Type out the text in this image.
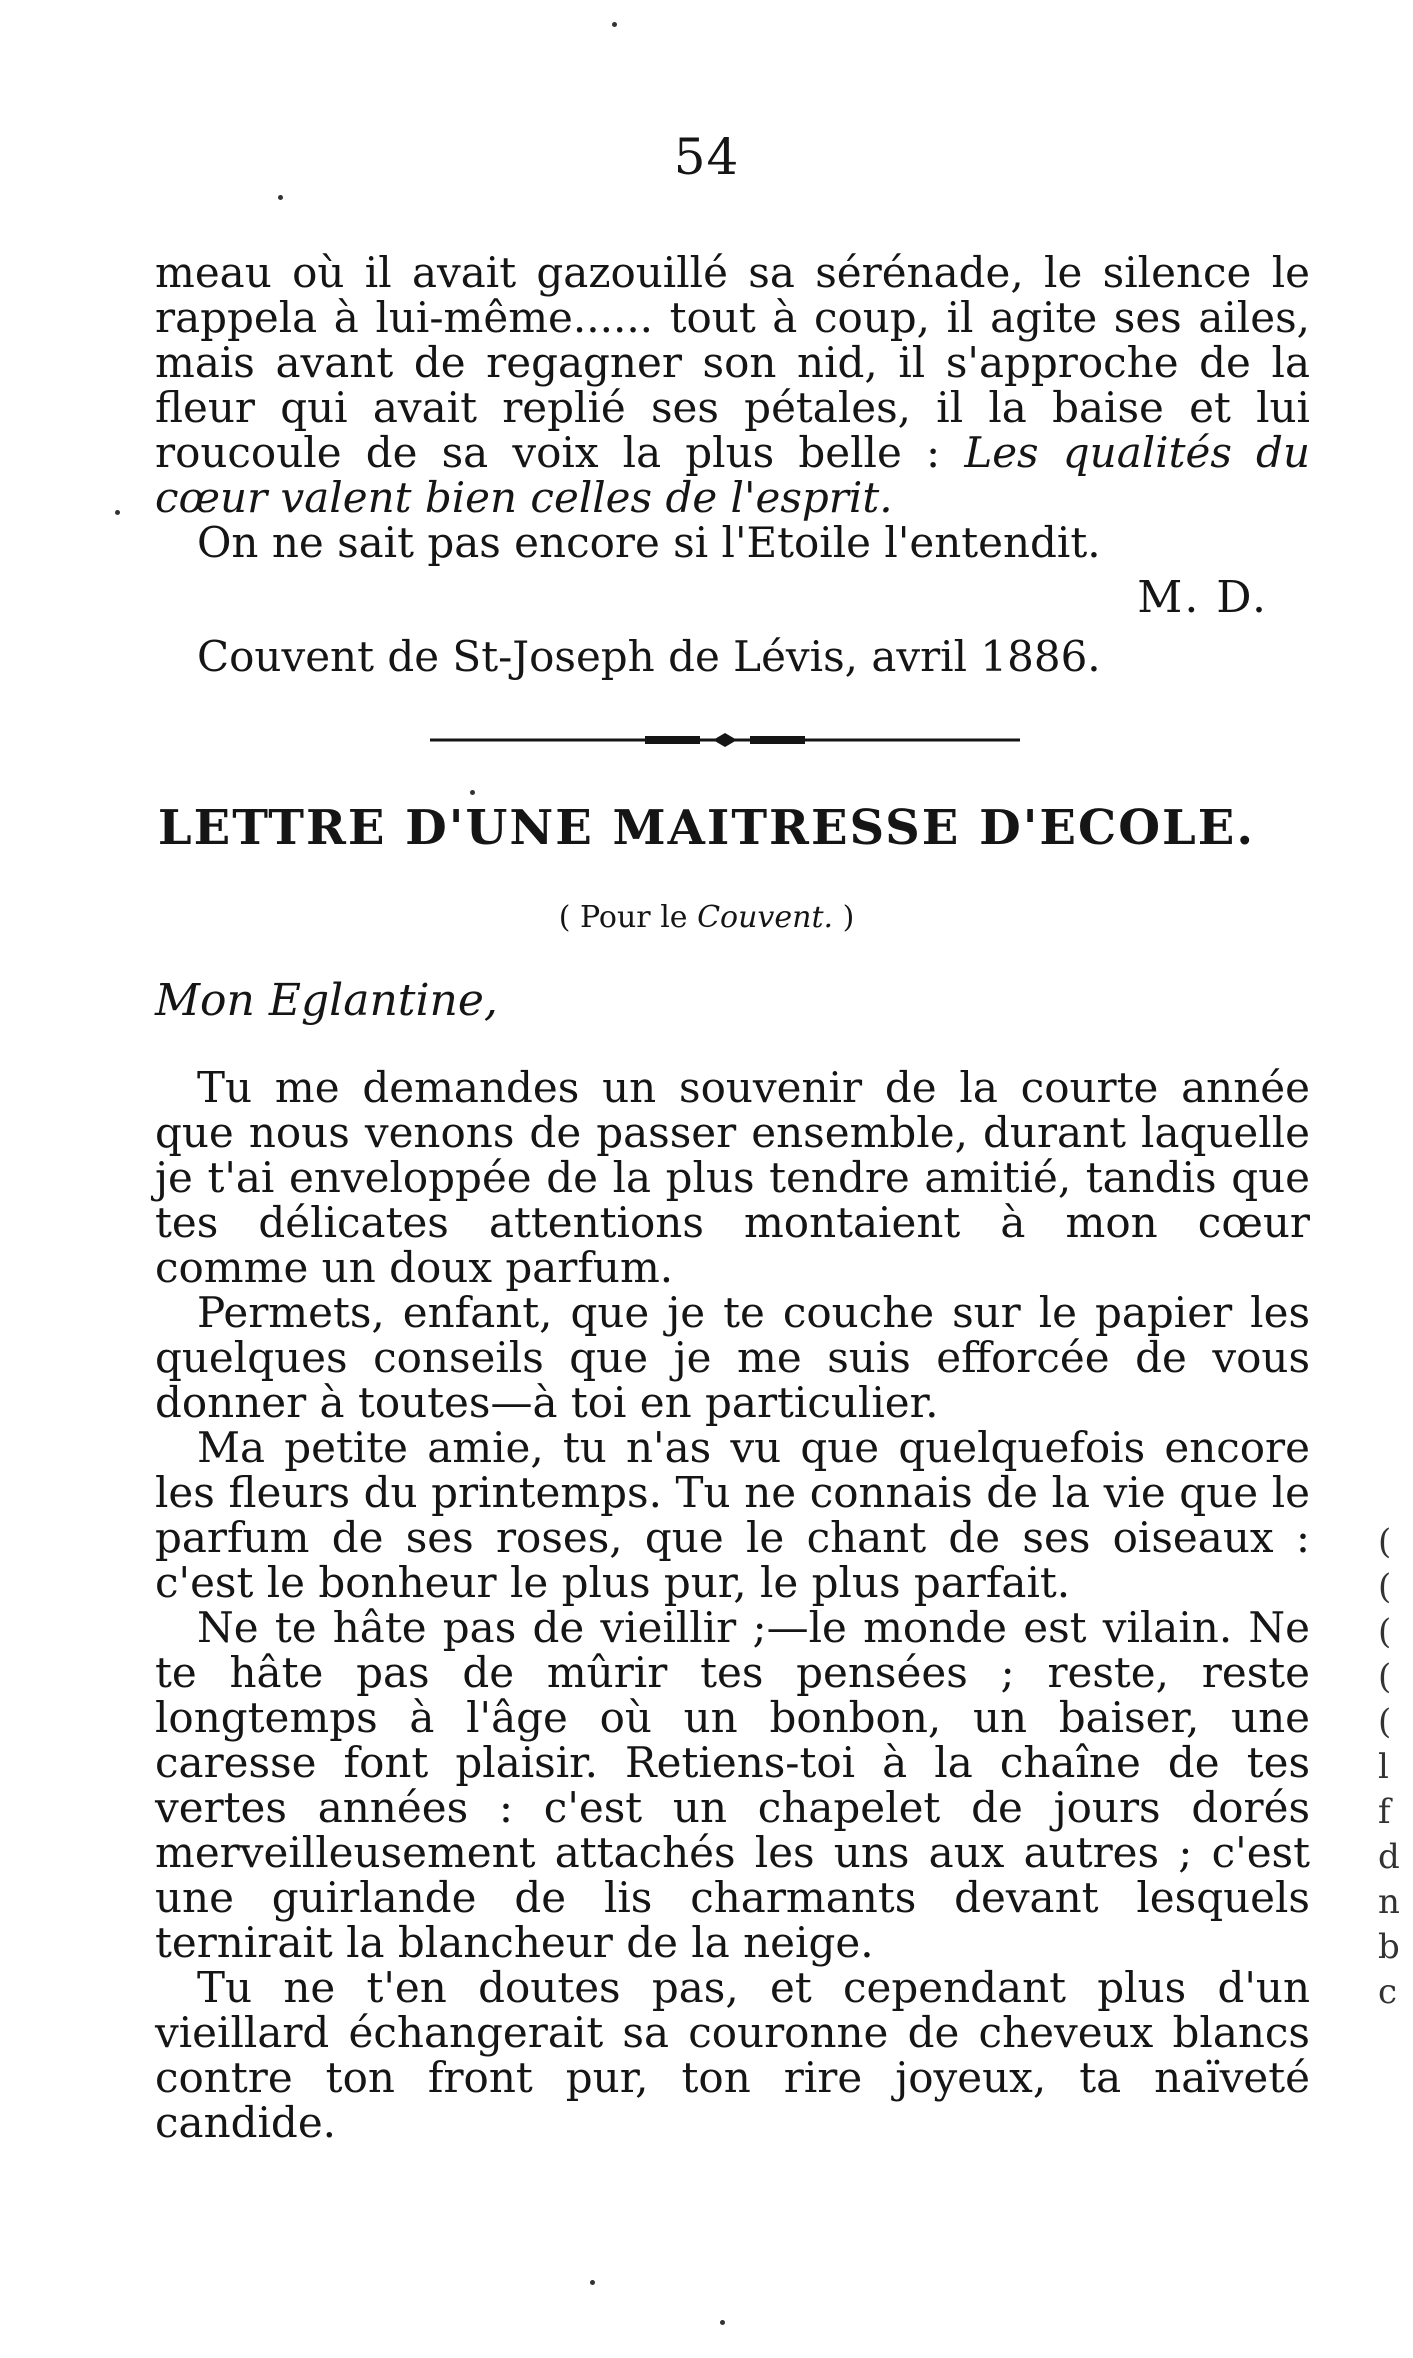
54

meau où il avait gazouillé sa sérénade, le silence le rappela à lui-même...... tout à coup, il agite ses ailes, mais avant de regagner son nid, il s'approche de la fleur qui avait replié ses pétales, il la baise et lui roucoule de sa voix la plus belle : Les qualités du cœur valent bien celles de l'esprit.

On ne sait pas encore si l'Etoile l'entendit.

M. D.
Couvent de St-Joseph de Lévis, avril 1886.
LETTRE D'UNE MAITRESSE D'ECOLE.
( Pour le Couvent. )
Mon Eglantine,

Tu me demandes un souvenir de la courte année que nous venons de passer ensemble, durant laquelle je t'ai enveloppée de la plus tendre amitié, tandis que tes délicates attentions montaient à mon cœur comme un doux parfum.

Permets, enfant, que je te couche sur le papier les quelques conseils que je me suis efforcée de vous donner à toutes—à toi en particulier.

Ma petite amie, tu n'as vu que quelquefois encore les fleurs du printemps. Tu ne connais de la vie que le parfum de ses roses, que le chant de ses oiseaux : c'est le bonheur le plus pur, le plus parfait.

Ne te hâte pas de vieillir ;—le monde est vilain. Ne te hâte pas de mûrir tes pensées ; reste, reste longtemps à l'âge où un bonbon, un baiser, une caresse font plaisir. Retiens-toi à la chaîne de tes vertes années : c'est un chapelet de jours dorés merveilleusement attachés les uns aux autres ; c'est une guirlande de lis charmants devant lesquels ternirait la blancheur de la neige.

Tu ne t'en doutes pas, et cependant plus d'un vieillard échangerait sa couronne de cheveux blancs contre ton front pur, ton rire joyeux, ta naïveté candide.

(
(
(
(
(
l
f
d
n
b
c
